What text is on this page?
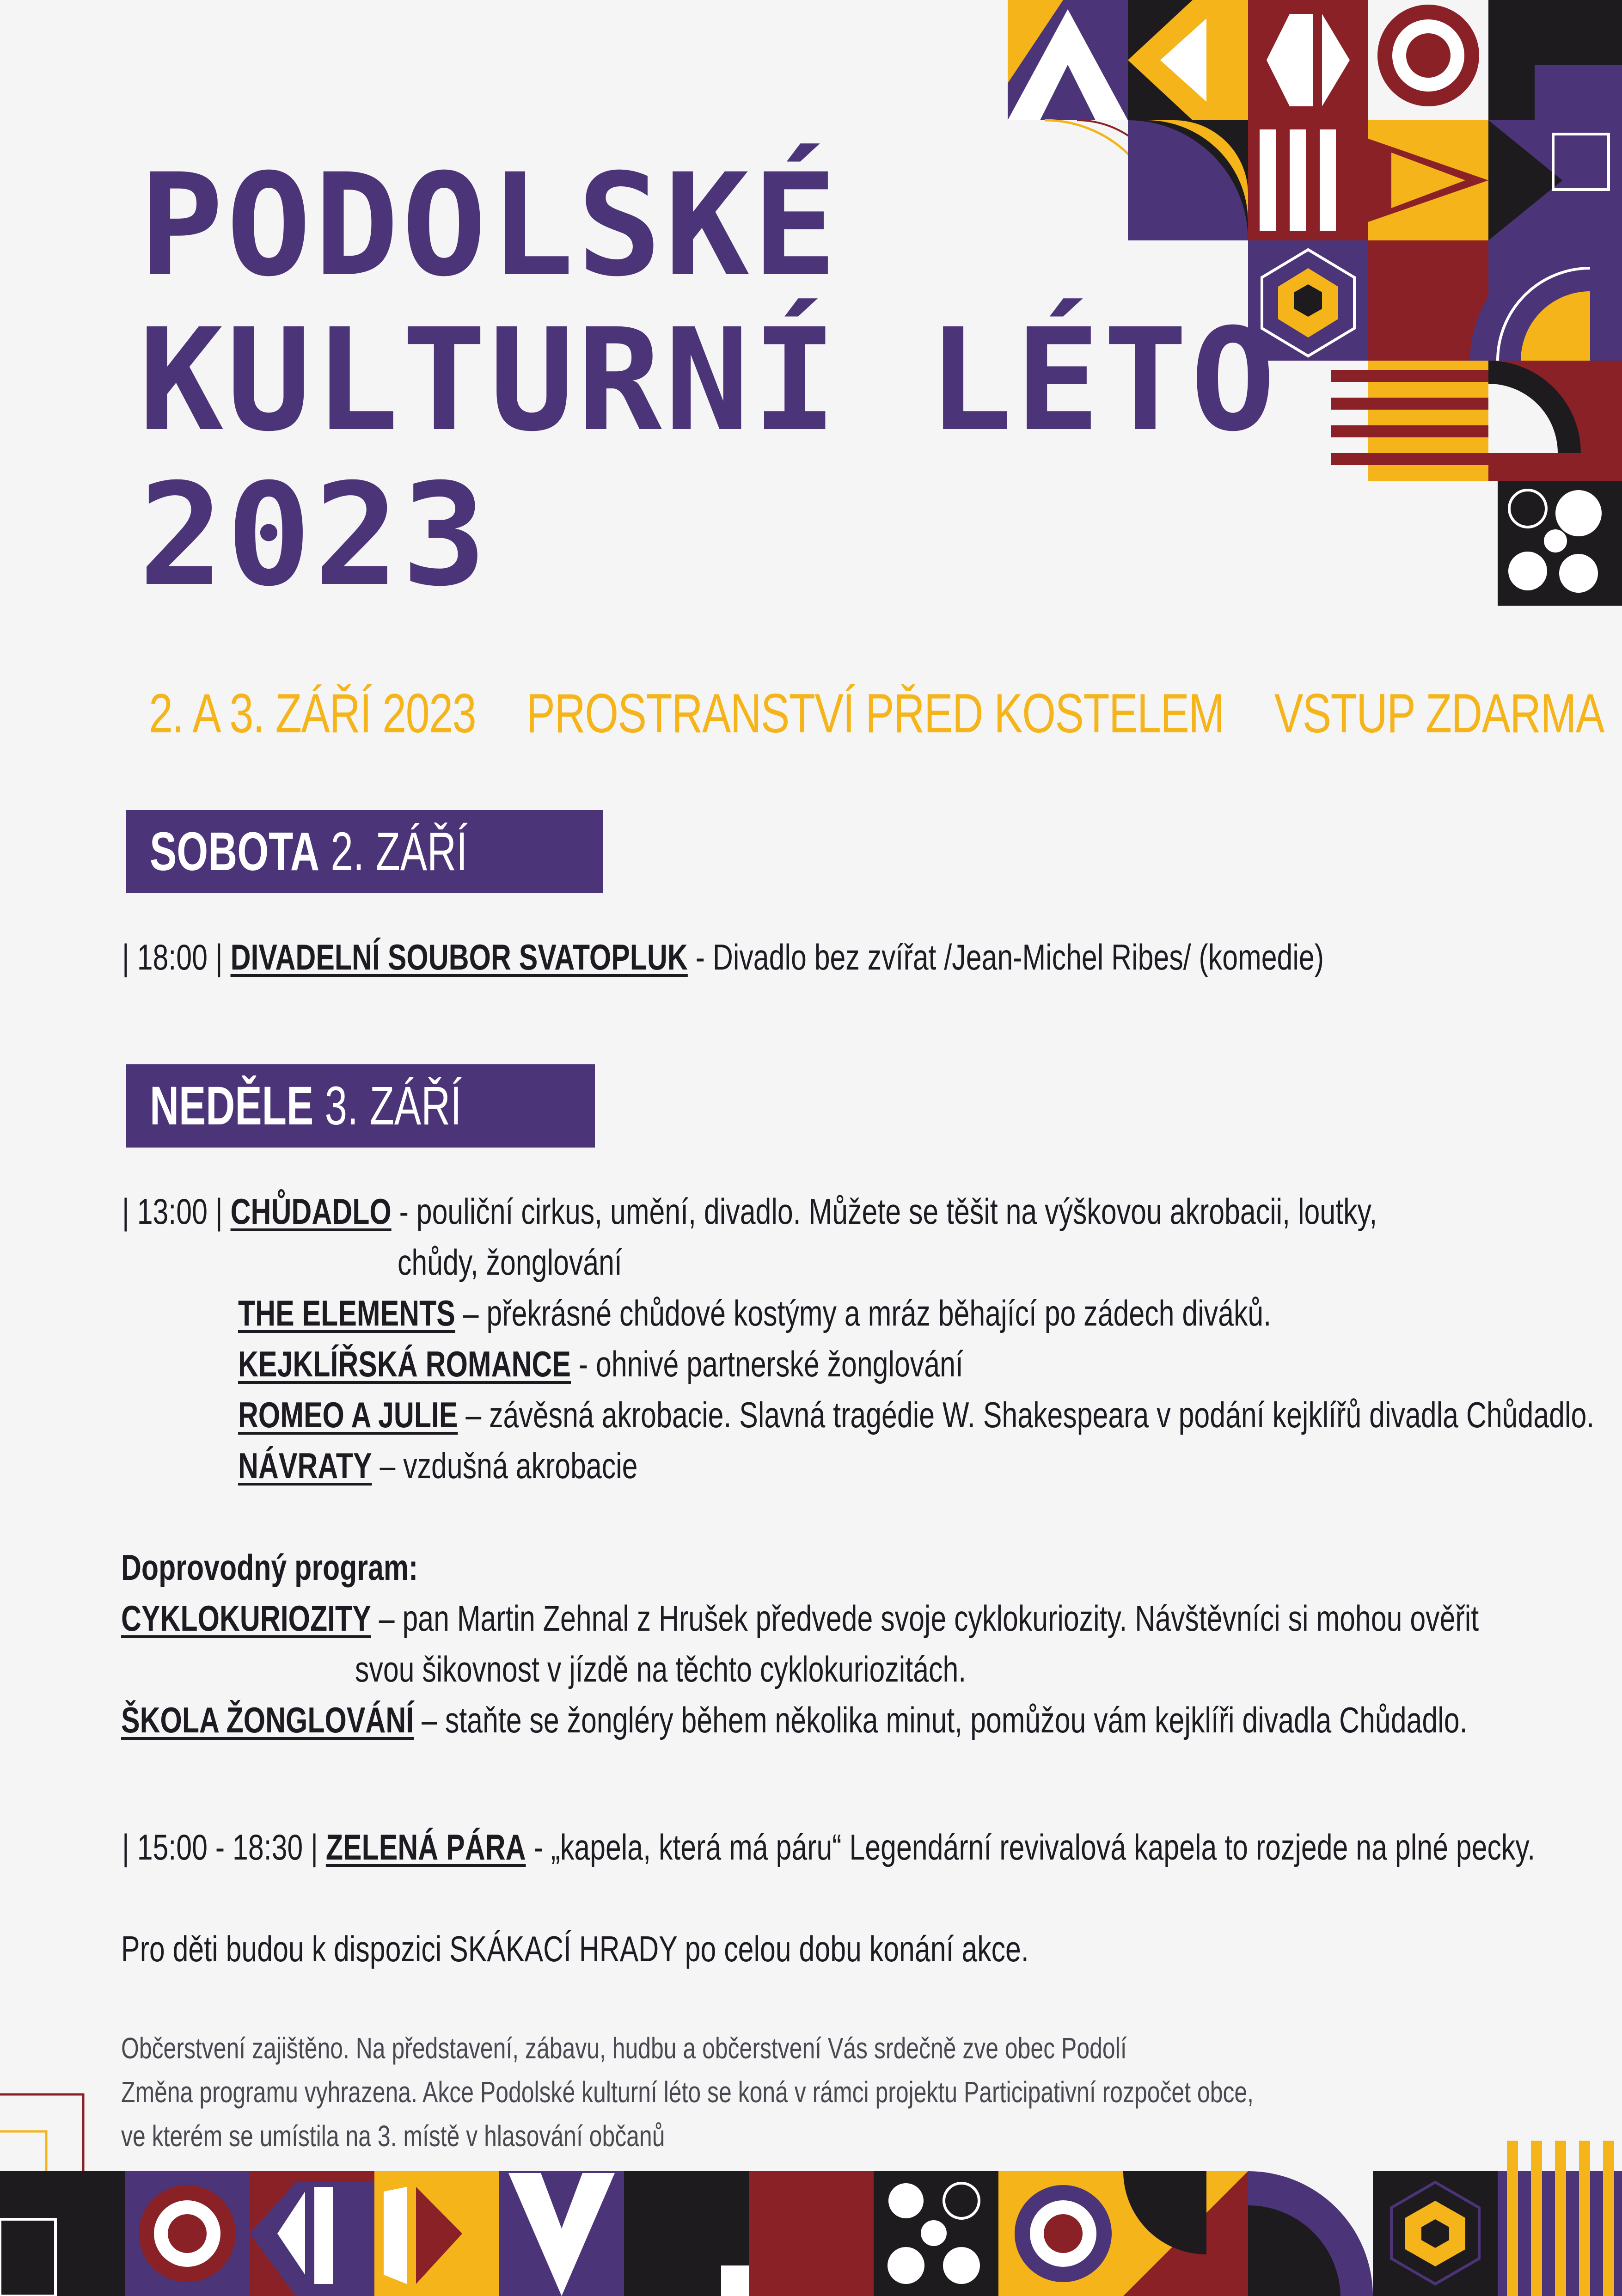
PODOLSKÉ
KULTURNÍ LÉTO
2023
2. A 3. ZÁŘÍ 2023 PROSTRANSTVÍ PŘED KOSTELEM VSTUP ZDARMA
SOBOTA 2. ZÁŘÍ
| 18:00 | DIVADELNÍ SOUBOR SVATOPLUK - Divadlo bez zvířat /Jean-Michel Ribes/ (komedie)
NEDĚLE 3. ZÁŘÍ
| 13:00 | CHŮDADLO - pouliční cirkus, umění, divadlo. Můžete se těšit na výškovou akrobacii, loutky,
chůdy, žonglování
THE ELEMENTS – překrásné chůdové kostýmy a mráz běhající po zádech diváků.
KEJKLÍŘSKÁ ROMANCE - ohnivé partnerské žonglování
ROMEO A JULIE – závěsná akrobacie. Slavná tragédie W. Shakespeara v podání kejklířů divadla Chůdadlo.
NÁVRATY – vzdušná akrobacie
Doprovodný program:
CYKLOKURIOZITY – pan Martin Zehnal z Hrušek předvede svoje cyklokuriozity. Návštěvníci si mohou ověřit
svou šikovnost v jízdě na těchto cyklokuriozitách.
ŠKOLA ŽONGLOVÁNÍ – staňte se žongléry během několika minut, pomůžou vám kejklíři divadla Chůdadlo.
| 15:00 - 18:30 | ZELENÁ PÁRA - „kapela, která má páru“ Legendární revivalová kapela to rozjede na plné pecky.
Pro děti budou k dispozici SKÁKACÍ HRADY po celou dobu konání akce.
Občerstvení zajištěno. Na představení, zábavu, hudbu a občerstvení Vás srdečně zve obec Podolí
Změna programu vyhrazena. Akce Podolské kulturní léto se koná v rámci projektu Participativní rozpočet obce,
ve kterém se umístila na 3. místě v hlasování občanů
